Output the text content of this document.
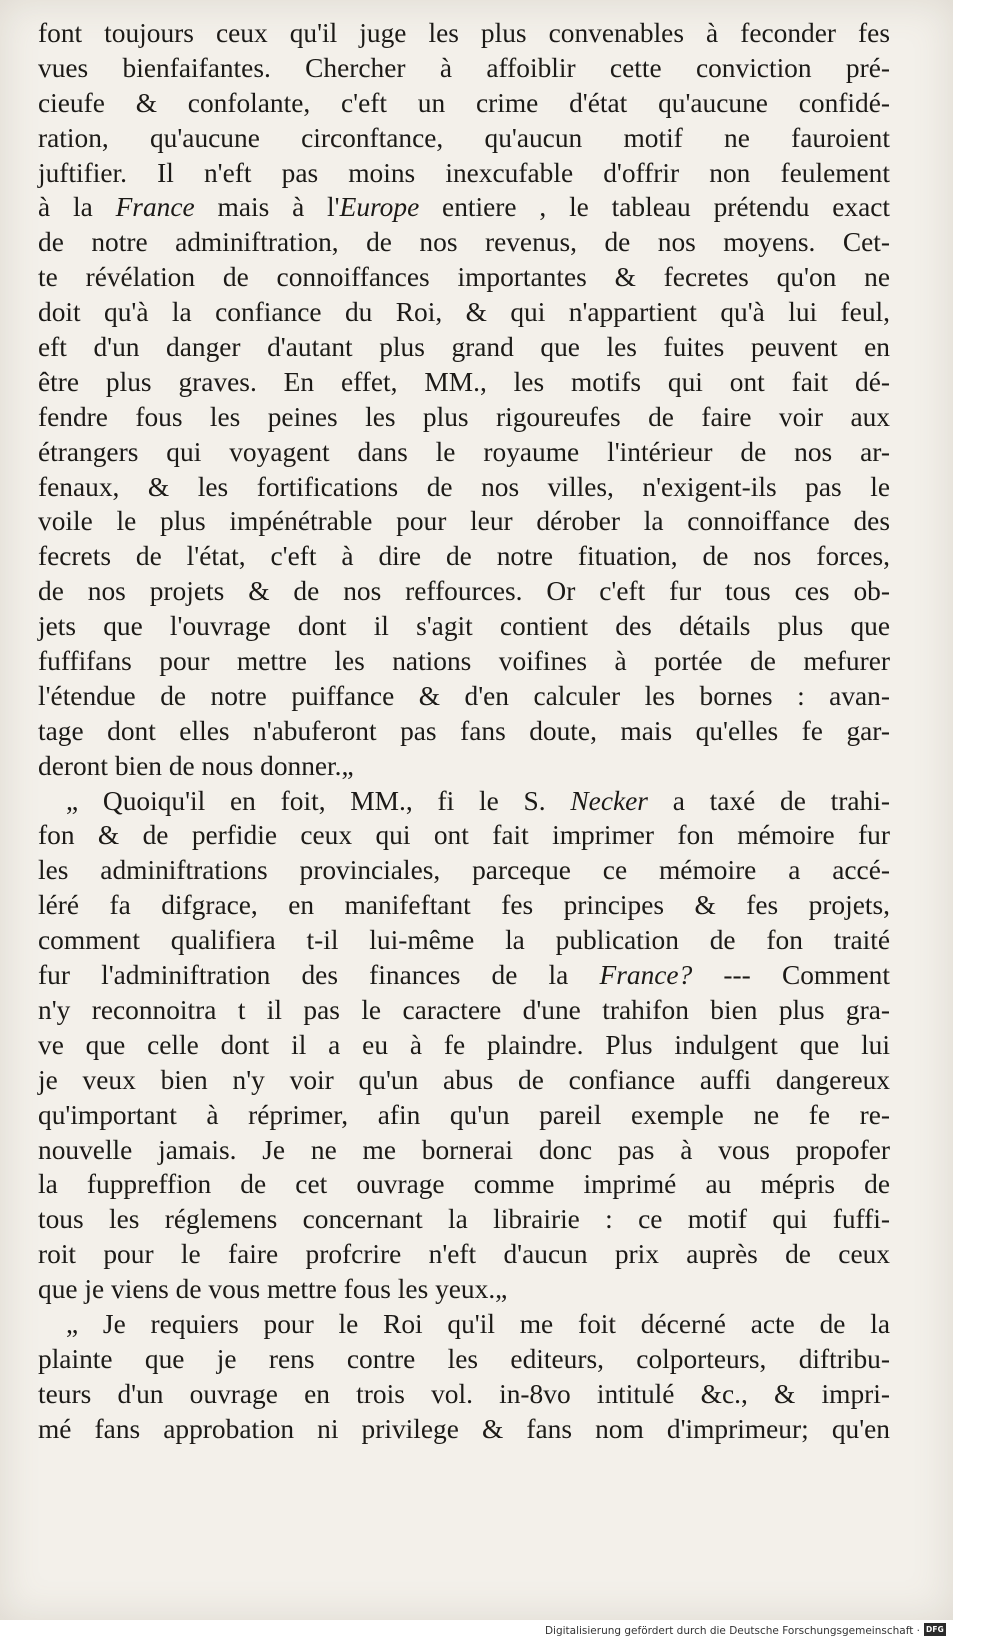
font toujours ceux qu'il juge les plus convenables à feconder fes
vues bienfaifantes. Chercher à affoiblir cette conviction pré-
cieufe & confolante, c'eft un crime d'état qu'aucune confidé-
ration, qu'aucune circonftance, qu'aucun motif ne fauroient
juftifier. Il n'eft pas moins inexcufable d'offrir non feulement
à la France mais à l'Europe entiere , le tableau prétendu exact
de notre adminiftration, de nos revenus, de nos moyens. Cet-
te révélation de connoiffances importantes & fecretes qu'on ne
doit qu'à la confiance du Roi, & qui n'appartient qu'à lui feul,
eft d'un danger d'autant plus grand que les fuites peuvent en
être plus graves. En effet, MM., les motifs qui ont fait dé-
fendre fous les peines les plus rigoureufes de faire voir aux
étrangers qui voyagent dans le royaume l'intérieur de nos ar-
fenaux, & les fortifications de nos villes, n'exigent-ils pas le
voile le plus impénétrable pour leur dérober la connoiffance des
fecrets de l'état, c'eft à dire de notre fituation, de nos forces,
de nos projets & de nos reffources. Or c'eft fur tous ces ob-
jets que l'ouvrage dont il s'agit contient des détails plus que
fuffifans pour mettre les nations voifines à portée de mefurer
l'étendue de notre puiffance & d'en calculer les bornes : avan-
tage dont elles n'abuferont pas fans doute, mais qu'elles fe gar-
deront bien de nous donner.„
„ Quoiqu'il en foit, MM., fi le S. Necker a taxé de trahi-
fon & de perfidie ceux qui ont fait imprimer fon mémoire fur
les adminiftrations provinciales, parceque ce mémoire a accé-
léré fa difgrace, en manifeftant fes principes & fes projets,
comment qualifiera t-il lui-même la publication de fon traité
fur l'adminiftration des finances de la France? --- Comment
n'y reconnoitra t il pas le caractere d'une trahifon bien plus gra-
ve que celle dont il a eu à fe plaindre. Plus indulgent que lui
je veux bien n'y voir qu'un abus de confiance auffi dangereux
qu'important à réprimer, afin qu'un pareil exemple ne fe re-
nouvelle jamais. Je ne me bornerai donc pas à vous propofer
la fuppreffion de cet ouvrage comme imprimé au mépris de
tous les réglemens concernant la librairie : ce motif qui fuffi-
roit pour le faire profcrire n'eft d'aucun prix auprès de ceux
que je viens de vous mettre fous les yeux.„
„ Je requiers pour le Roi qu'il me foit décerné acte de la
plainte que je rens contre les editeurs, colporteurs, diftribu-
teurs d'un ouvrage en trois vol. in-8vo intitulé &c., & impri-
mé fans approbation ni privilege & fans nom d'imprimeur; qu'en
Digitalisierung gefördert durch die Deutsche Forschungsgemeinschaft · DFG
